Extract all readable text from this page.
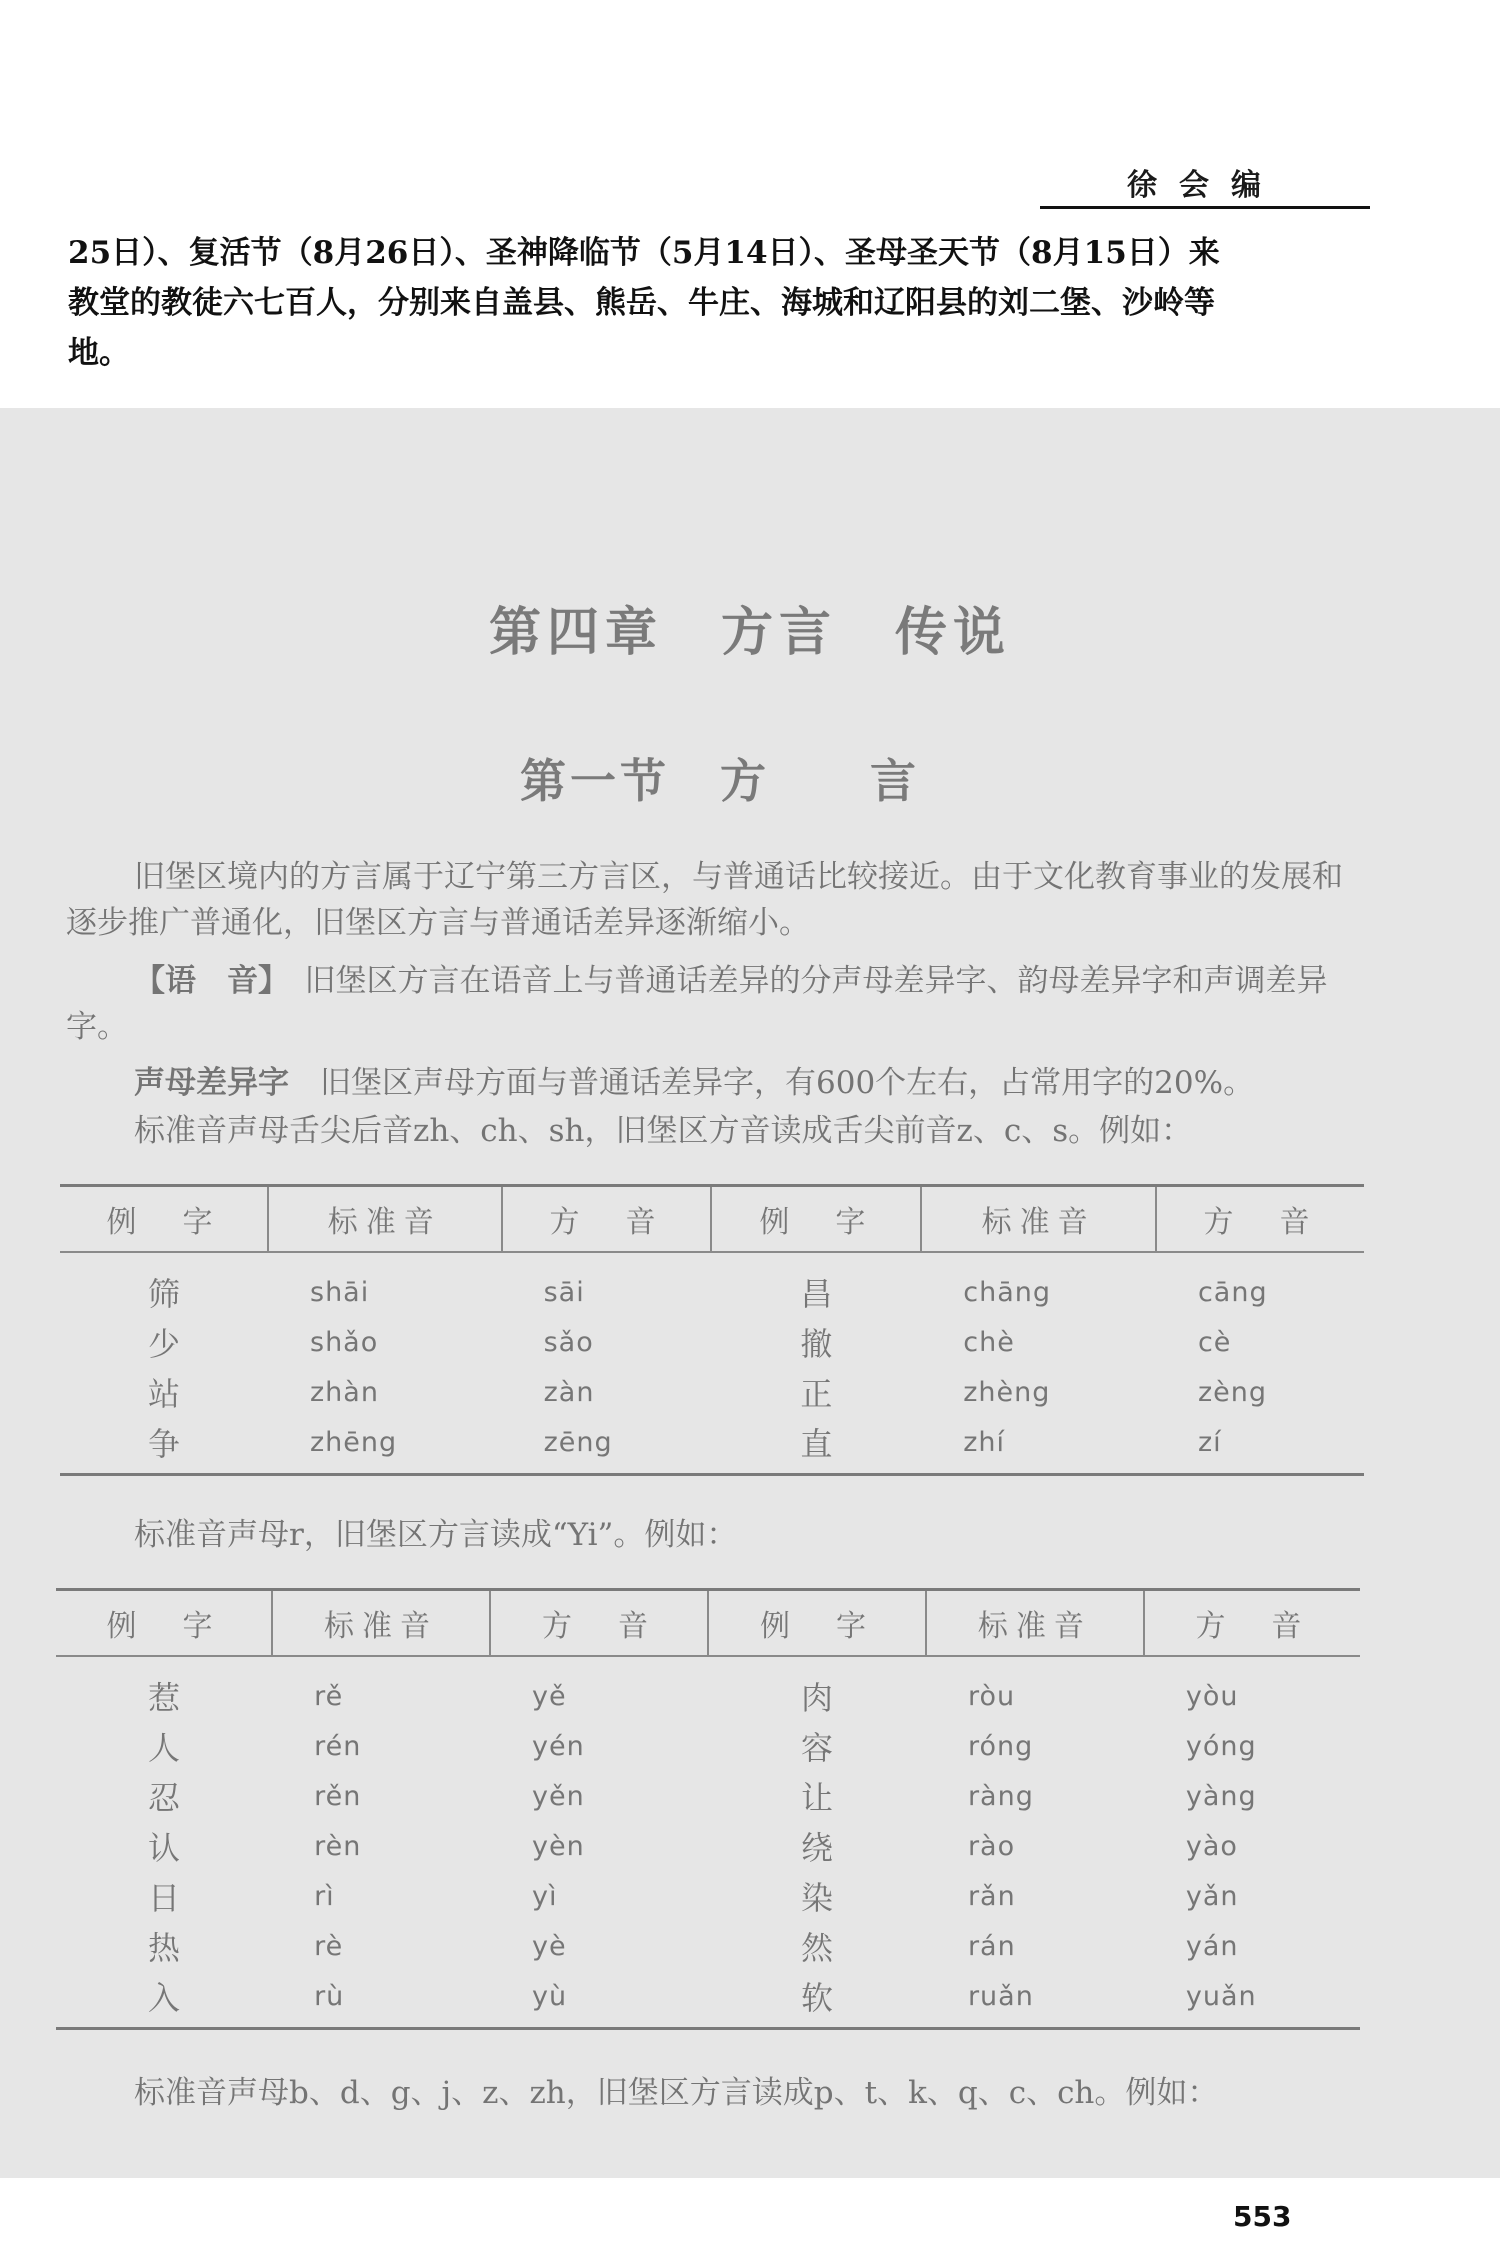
徐会编

25日）、复活节（8月26日）、圣神降临节（5月14日）、圣母圣天节（8月15日）来

教堂的教徒六七百人，分别来自盖县、熊岳、牛庄、海城和辽阳县的刘二堡、沙岭等

地。

第四章　方言　传说
第一节　方　　言

旧堡区境内的方言属于辽宁第三方言区，与普通话比较接近。由于文化教育事业的发展和逐步推广普通化，旧堡区方言与普通话差异逐渐缩小。

【语　音】　 旧堡区方言在语音上与普通话差异的分声母差异字、韵母差异字和声调差异字。

声母差异字　 旧堡区声母方面与普通话差异字，有600个左右，占常用字的20%。

标准音声母舌尖后音zh、ch、sh，旧堡区方音读成舌尖前音z、c、s。例如：

例　字	标准音	方　音	例　字	标准音	方　音
筛	shāi	sāi	昌	chāng	cāng
少	shǎo	sǎo	撤	chè	cè
站	zhàn	zàn	正	zhèng	zèng
争	zhēng	zēng	直	zhí	zí

标准音声母r，旧堡区方言读成“Yi”。例如：

例　字	标准音	方　音	例　字	标准音	方　音
惹	rě	yě	肉	ròu	yòu
人	rén	yén	容	róng	yóng
忍	rěn	yěn	让	ràng	yàng
认	rèn	yèn	绕	rào	yào
日	rì	yì	染	rǎn	yǎn
热	rè	yè	然	rán	yán
入	rù	yù	软	ruǎn	yuǎn

标准音声母b、d、g、j、z、zh，旧堡区方言读成p、t、k、q、c、ch。例如：

553
